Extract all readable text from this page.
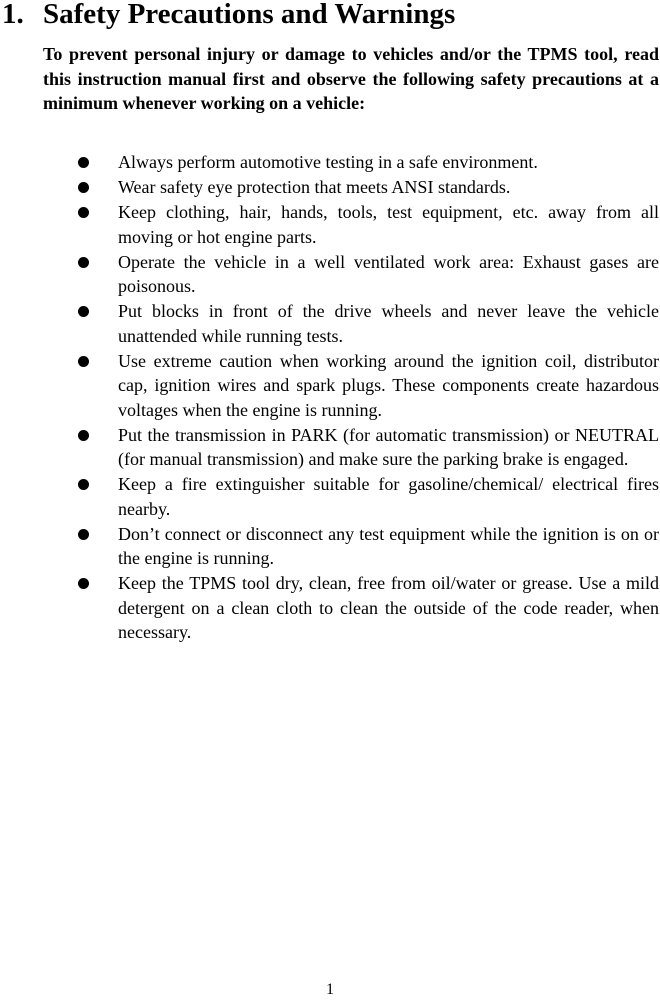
1. Safety Precautions and Warnings

To prevent personal injury or damage to vehicles and/or the TPMS tool, read this instruction manual first and observe the following safety precautions at a minimum whenever working on a vehicle:

Always perform automotive testing in a safe environment.
Wear safety eye protection that meets ANSI standards.
Keep clothing, hair, hands, tools, test equipment, etc. away from all moving or hot engine parts.
Operate the vehicle in a well ventilated work area: Exhaust gases are poisonous.
Put blocks in front of the drive wheels and never leave the vehicle unattended while running tests.
Use extreme caution when working around the ignition coil, distributor cap, ignition wires and spark plugs. These components create hazardous voltages when the engine is running.
Put the transmission in PARK (for automatic transmission) or NEUTRAL (for manual transmission) and make sure the parking brake is engaged.
Keep a fire extinguisher suitable for gasoline/chemical/ electrical fires nearby.
Don’t connect or disconnect any test equipment while the ignition is on or the engine is running.
Keep the TPMS tool dry, clean, free from oil/water or grease. Use a mild detergent on a clean cloth to clean the outside of the code reader, when necessary.
1
